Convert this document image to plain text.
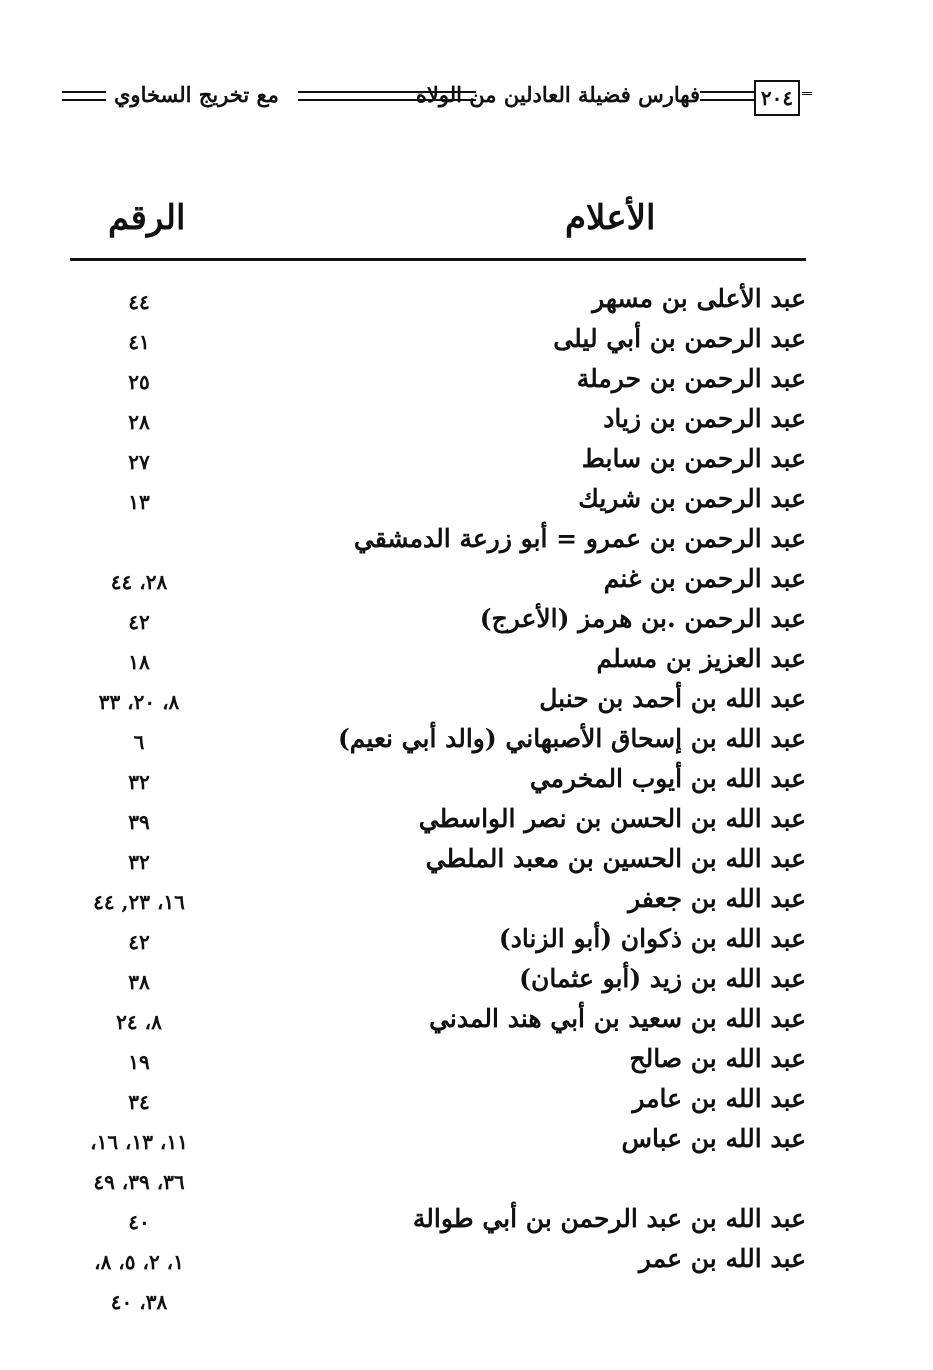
٢٠٤
فهارس فضيلة العادلين من الولاة
مع تخريج السخاوي
الأعلام
الرقم
عبد الأعلى بن مسهر
٤٤
عبد الرحمن بن أبي ليلى
٤١
عبد الرحمن بن حرملة
٢٥
عبد الرحمن بن زياد
٢٨
عبد الرحمن بن سابط
٢٧
عبد الرحمن بن شريك
١٣
عبد الرحمن بن عمرو = أبو زرعة الدمشقي
عبد الرحمن بن غنم
٢٨، ٤٤
عبد الرحمن .بن هرمز (الأعرج)
٤٢
عبد العزيز بن مسلم
١٨
عبد الله بن أحمد بن حنبل
٨، ٢٠، ٣٣
عبد الله بن إسحاق الأصبهاني (والد أبي نعيم)
٦
عبد الله بن أيوب المخرمي
٣٢
عبد الله بن الحسن بن نصر الواسطي
٣٩
عبد الله بن الحسين بن معبد الملطي
٣٢
عبد الله بن جعفر
١٦، ٢٣, ٤٤
عبد الله بن ذكوان (أبو الزناد)
٤٢
عبد الله بن زيد (أبو عثمان)
٣٨
عبد الله بن سعيد بن أبي هند المدني
٨، ٢٤
عبد الله بن صالح
١٩
عبد الله بن عامر
٣٤
عبد الله بن عباس
١١، ١٣، ١٦،
٣٦، ٣٩، ٤٩
عبد الله بن عبد الرحمن بن أبي طوالة
٤٠
عبد الله بن عمر
١، ٢، ٥، ٨،
٣٨، ٤٠
